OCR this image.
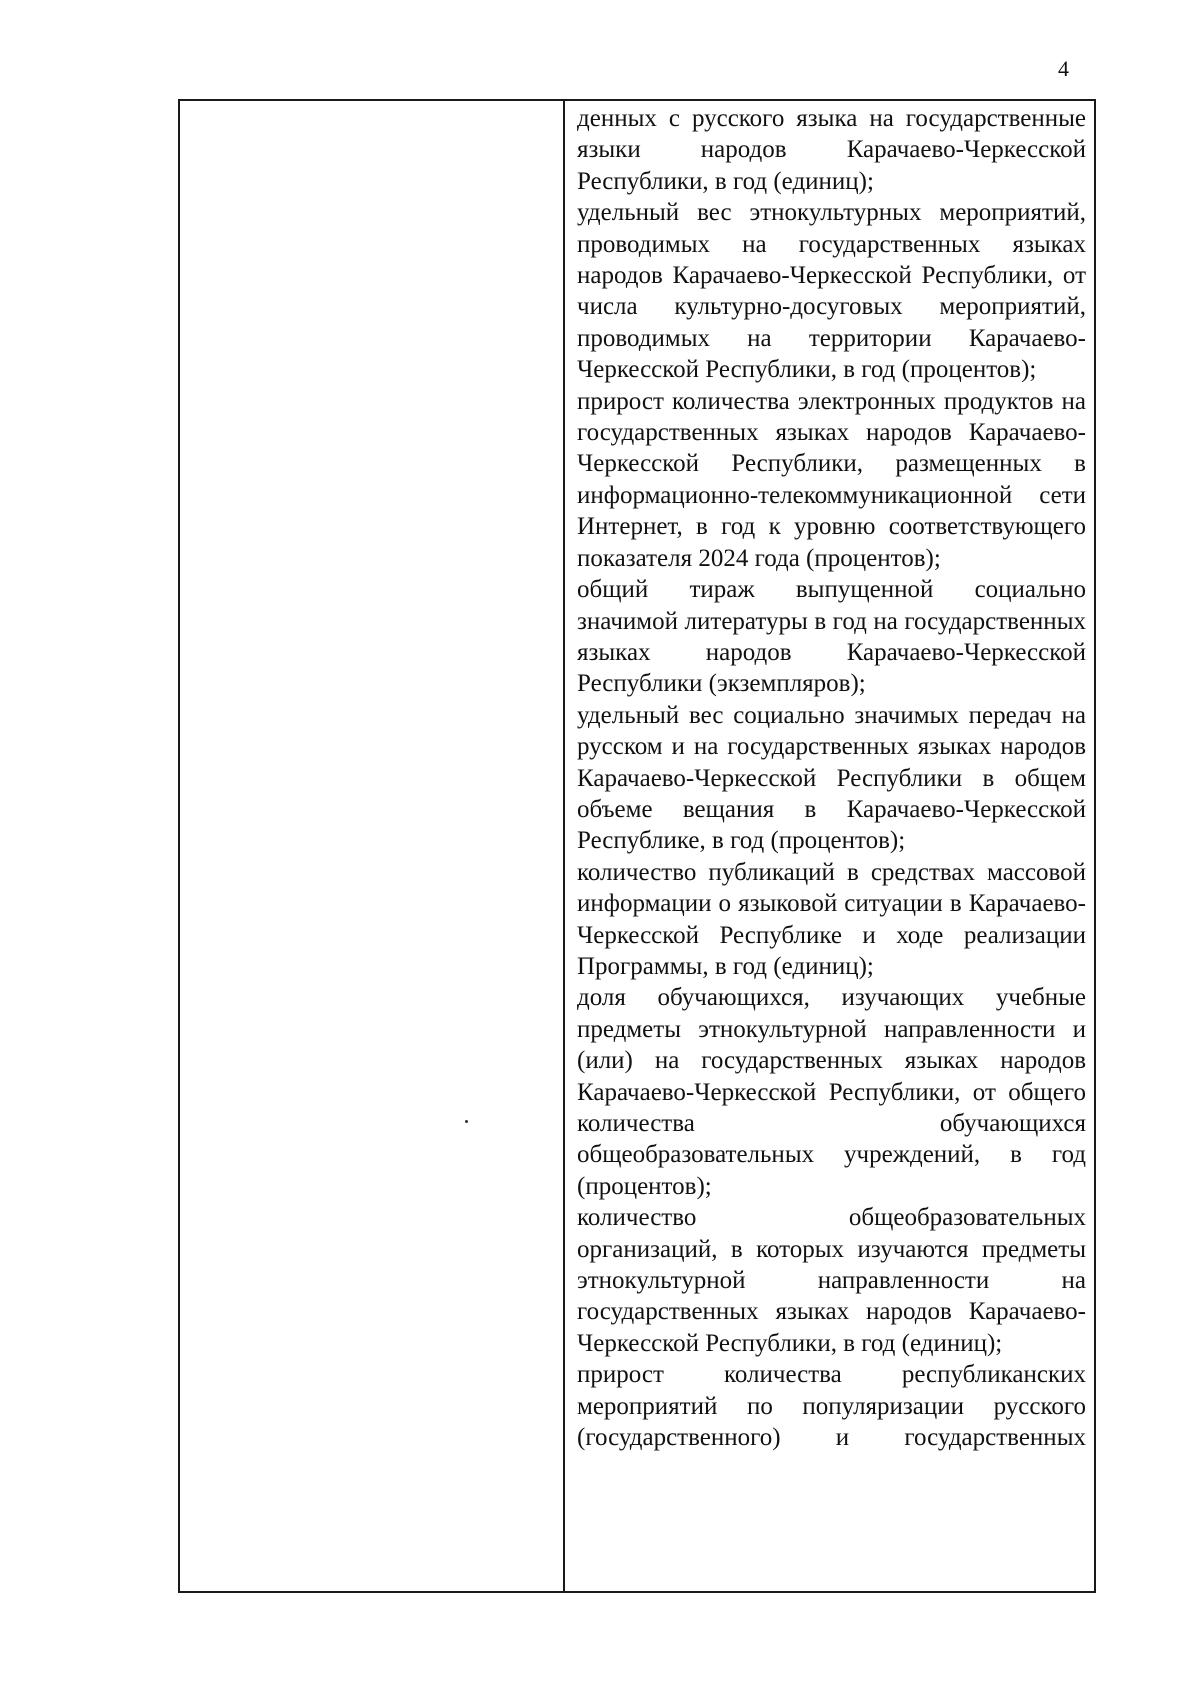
4

денных с русского языка на государственные языки народов Карачаево-Черкесской Республики, в год (единиц);

удельный вес этнокультурных мероприятий, проводимых на государственных языках народов Карачаево-Черкесской Республики, от числа культурно-досуговых мероприятий, проводимых на территории Карачаево-Черкесской Республики, в год (процентов);

прирост количества электронных продуктов на государственных языках народов Карачаево-Черкесской Республики, размещенных в информационно-телекоммуникационной сети Интернет, в год к уровню соответствующего показателя 2024 года (процентов);

общий тираж выпущенной социально значимой литературы в год на государственных языках народов Карачаево-Черкесской Республики (экземпляров);

удельный вес социально значимых передач на русском и на государственных языках народов Карачаево-Черкесской Республики в общем объеме вещания в Карачаево-Черкесской Республике, в год (процентов);

количество публикаций в средствах массовой информации о языковой ситуации в Карачаево-Черкесской Республике и ходе реализации Программы, в год (единиц);

доля обучающихся, изучающих учебные предметы этнокультурной направленности и (или) на государственных языках народов Карачаево-Черкесской Республики, от общего количества обучающихся общеобразовательных учреждений, в год (процентов);

количество общеобразовательных организаций, в которых изучаются предметы этнокультурной направленности на государственных языках народов Карачаево-Черкесской Республики, в год (единиц);

прирост количества республиканских мероприятий по популяризации русского (государственного) и государственных
